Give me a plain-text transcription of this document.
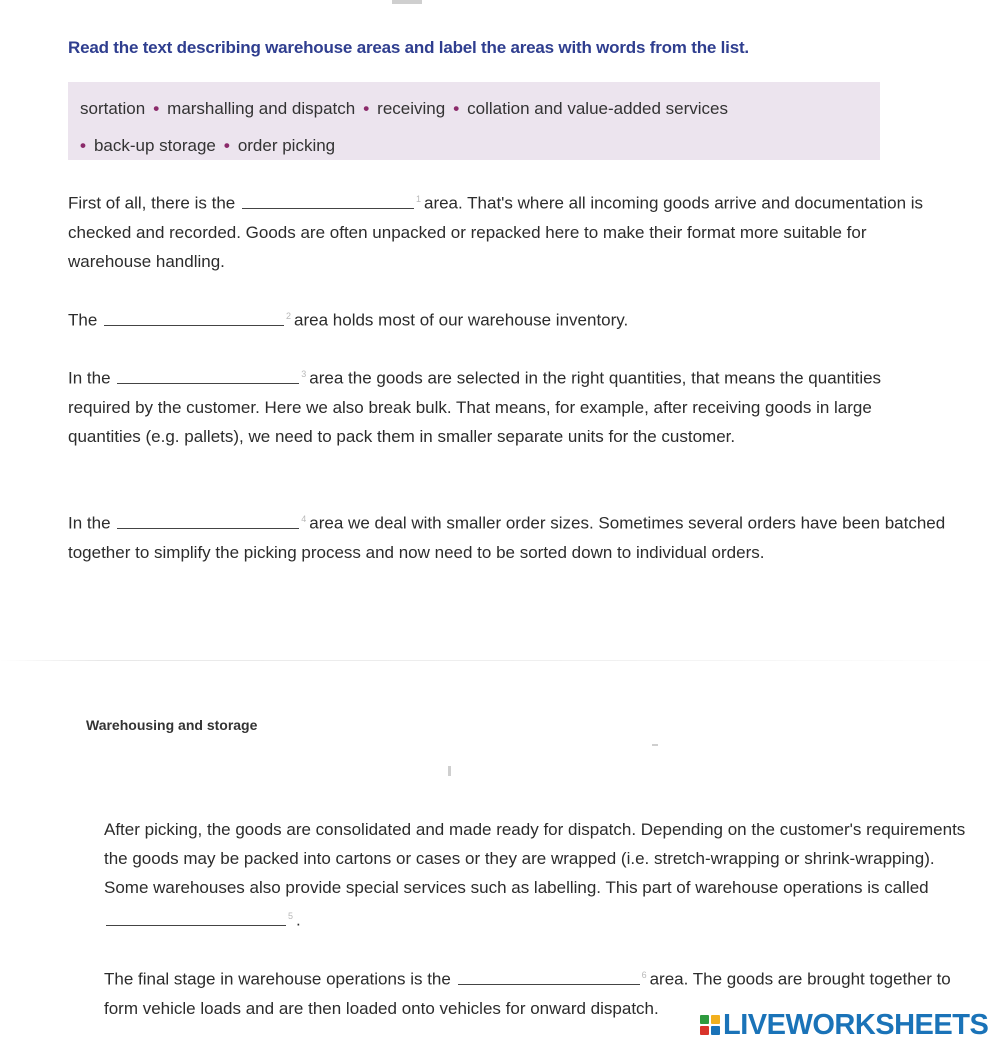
Read the text describing warehouse areas and label the areas with words from the list.
sortation • marshalling and dispatch • receiving • collation and value-added services
• back-up storage • order picking
First of all, there is the	$^1$ area. That's where all incoming goods arrive and documentation is checked and recorded. Goods are often unpacked or repacked here to make their format more suitable for warehouse handling.
The	$^2$ area holds most of our warehouse inventory.
In the	$^3$ area the goods are selected in the right quantities, that means the quantities required by the customer. Here we also break bulk. That means, for example, after receiving goods in large quantities (e.g. pallets), we need to pack them in smaller separate units for the customer.
In the	$^4$ area we deal with smaller order sizes. Sometimes several orders have been batched together to simplify the picking process and now need to be sorted down to individual orders.
Warehousing and storage
After picking, the goods are consolidated and made ready for dispatch. Depending on the customer's requirements the goods may be packed into cartons or cases or they are wrapped (i.e. stretch-wrapping or shrink-wrapping). Some warehouses also provide special services such as labelling. This part of warehouse operations is called $^5$ .
The final stage in warehouse operations is the	$^6$ area. The goods are brought together to form vehicle loads and are then loaded onto vehicles for onward dispatch.
LIVEWORKSHEETS
